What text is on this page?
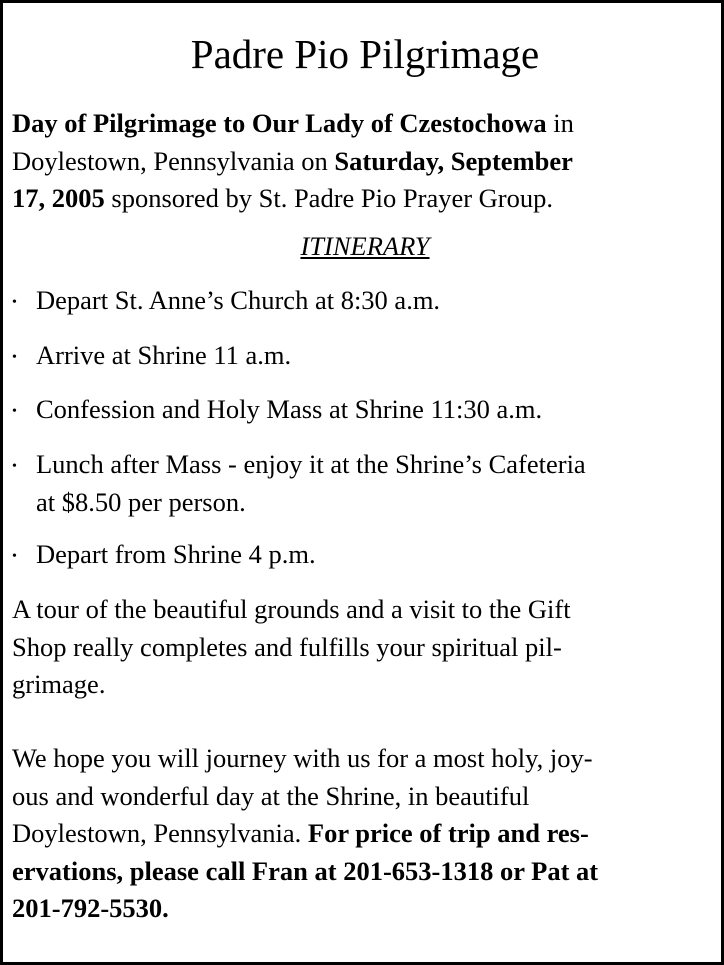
Padre Pio Pilgrimage

Day of Pilgrimage to Our Lady of Czestochowa in
Doylestown, Pennsylvania on Saturday, September
17, 2005 sponsored by St. Padre Pio Prayer Group.

ITINERARY
• Depart St. Anne’s Church at 8:30 a.m.
• Arrive at Shrine 11 a.m.
• Confession and Holy Mass at Shrine 11:30 a.m.
• Lunch after Mass - enjoy it at the Shrine’s Cafeteria
at $8.50 per person.
• Depart from Shrine 4 p.m.

A tour of the beautiful grounds and a visit to the Gift
Shop really completes and fulfills your spiritual pil-
grimage.

We hope you will journey with us for a most holy, joy-
ous and wonderful day at the Shrine, in beautiful
Doylestown, Pennsylvania. For price of trip and res-
ervations, please call Fran at 201-653-1318 or Pat at
201-792-5530.
